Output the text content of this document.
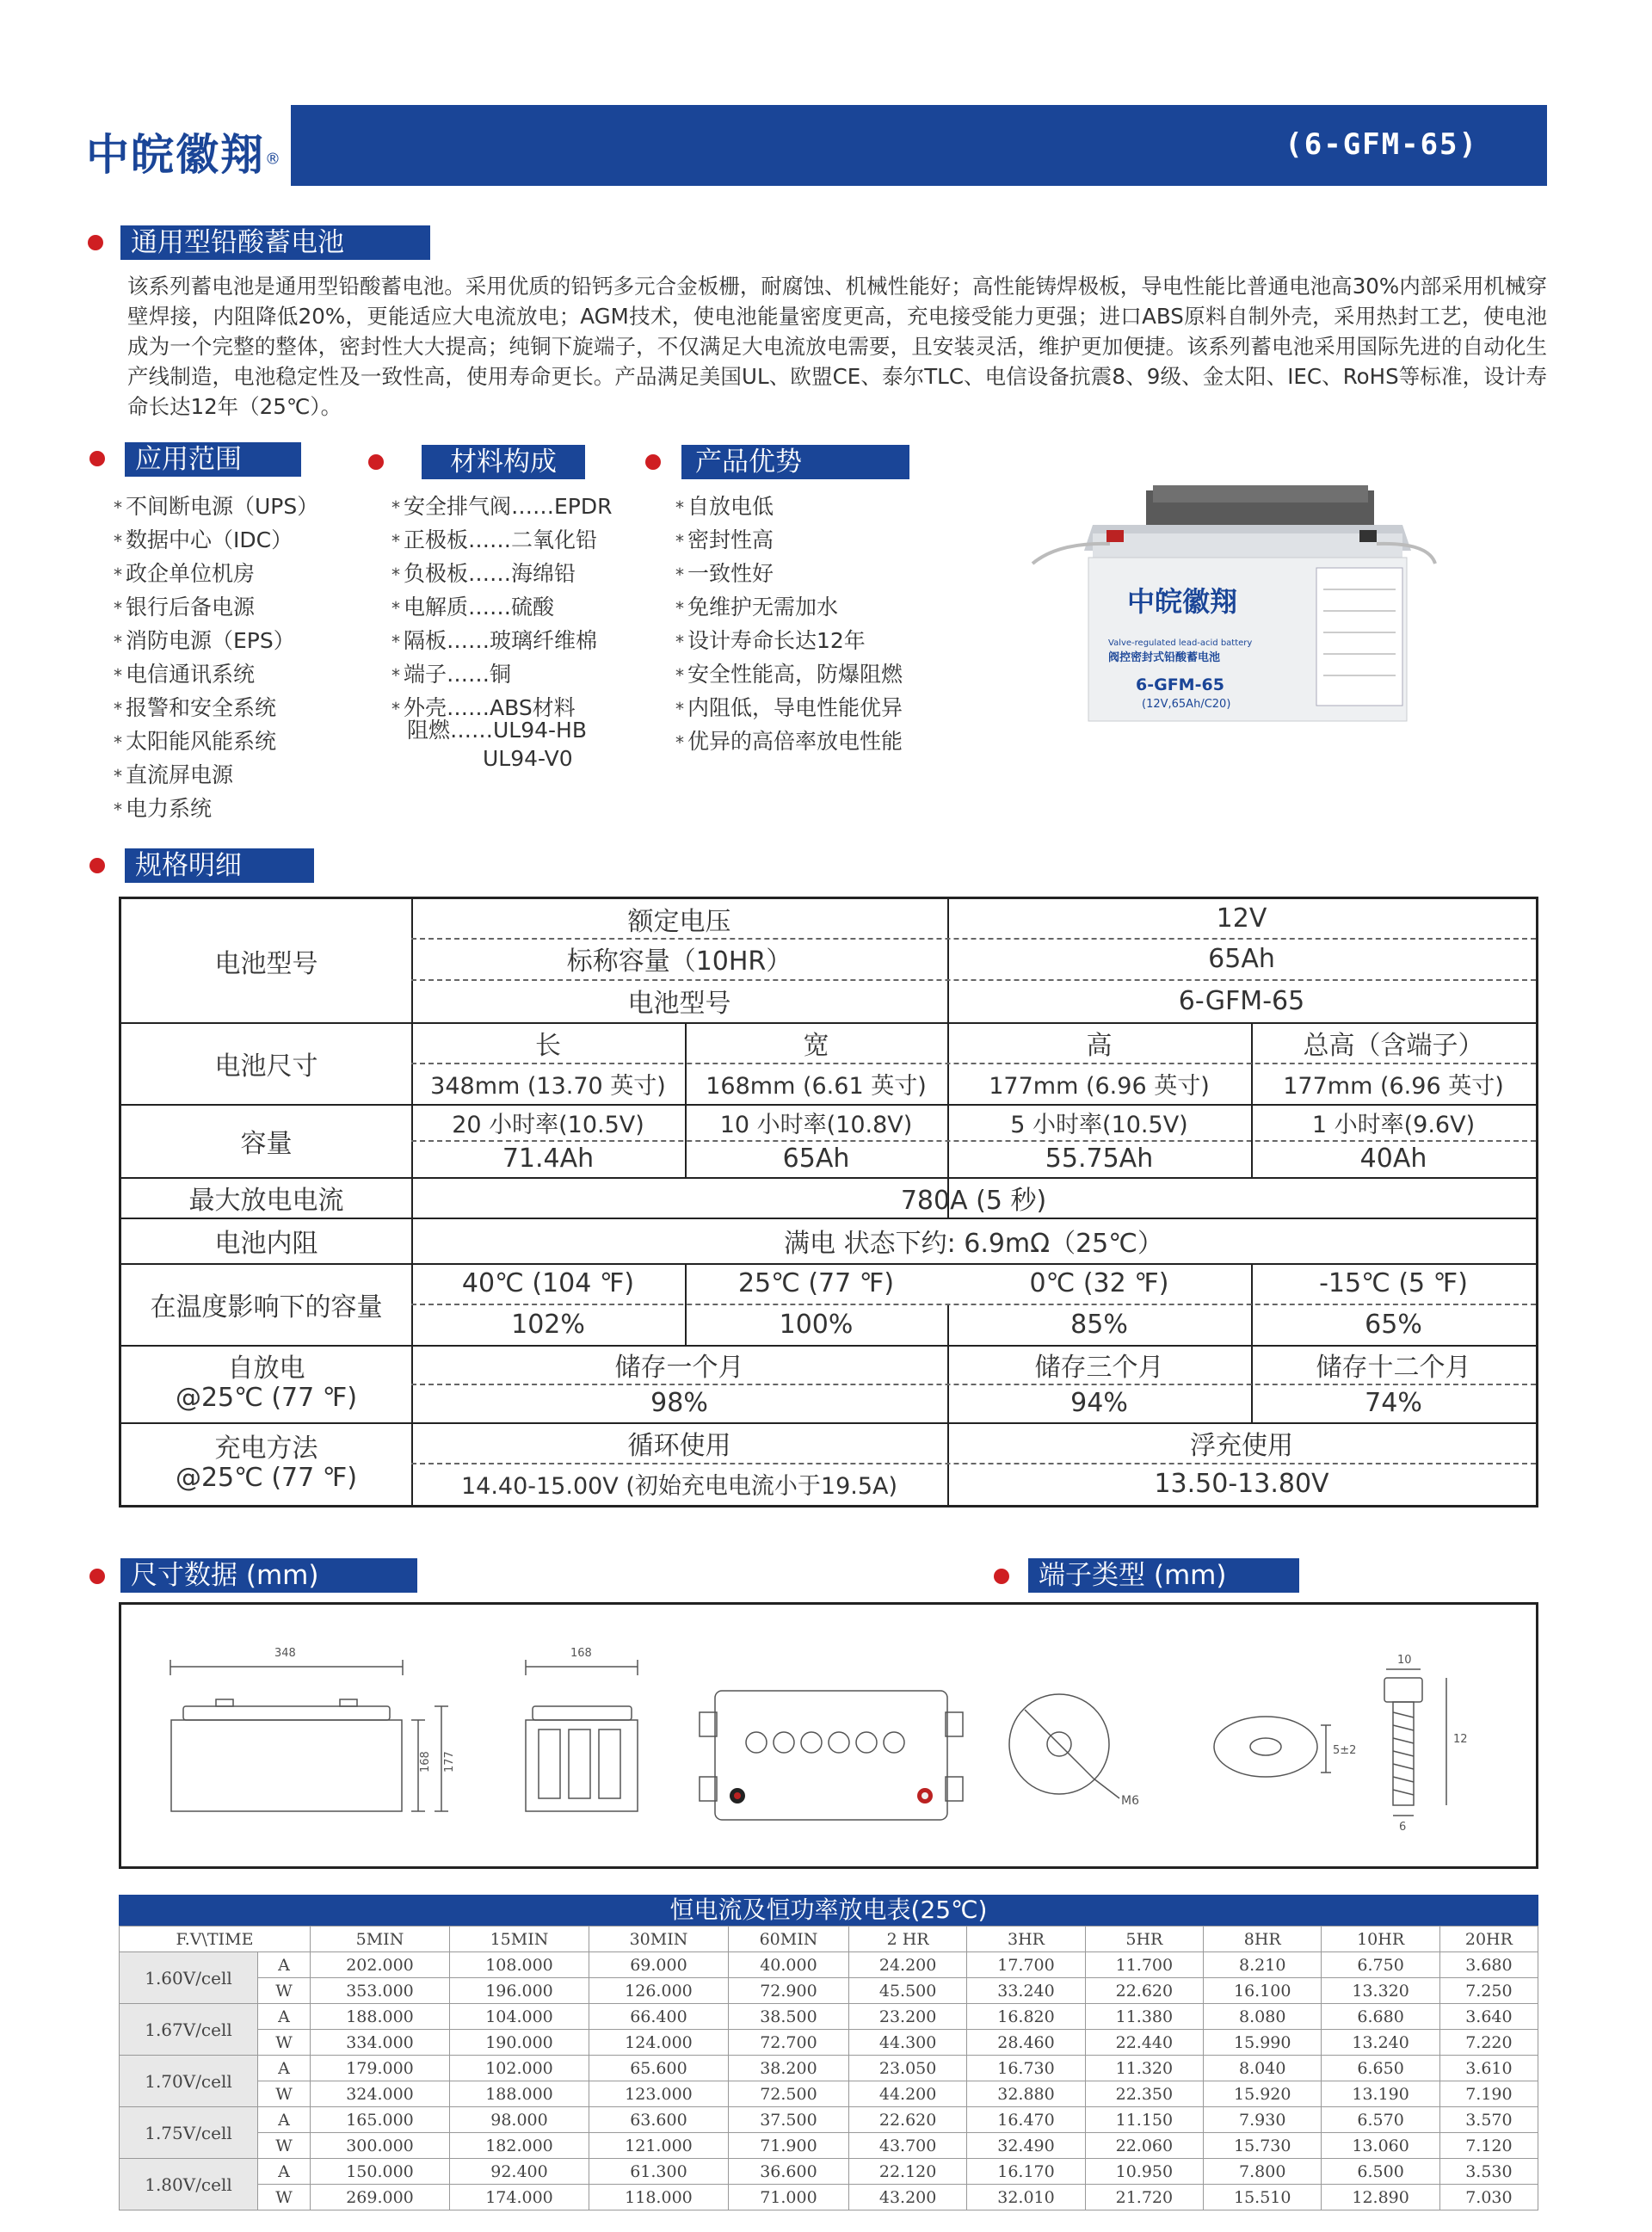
中皖徽翔®	(6-GFM-65)
通用型铅酸蓄电池
该系列蓄电池是通用型铅酸蓄电池。采用优质的铅钙多元合金板栅，耐腐蚀、机械性能好；高性能铸焊极板，导电性能比普通电池高30%内部采用机械穿壁焊接，内阻降低20%，更能适应大电流放电；AGM技术，使电池能量密度更高，充电接受能力更强；进口ABS原料自制外壳，采用热封工艺，使电池成为一个完整的整体，密封性大大提高；纯铜下旋端子，不仅满足大电流放电需要，且安装灵活，维护更加便捷。该系列蓄电池采用国际先进的自动化生产线制造，电池稳定性及一致性高，使用寿命更长。产品满足美国UL、欧盟CE、泰尔TLC、电信设备抗震8、9级、金太阳、IEC、RoHS等标准，设计寿命长达12年（25℃）。
应用范围	材料构成	产品优势
* 不间断电源（UPS）
* 数据中心（IDC）
* 政企单位机房
* 银行后备电源
* 消防电源（EPS）
* 电信通讯系统
* 报警和安全系统
* 太阳能风能系统
* 直流屏电源
* 电力系统
* 安全排气阀……EPDR
* 正极板……二氧化铅
* 负极板……海绵铅
* 电解质……硫酸
* 隔板……玻璃纤维棉
* 端子……铜
* 外壳……ABS材料
阻燃……UL94-HB
UL94-V0
* 自放电低
* 密封性高
* 一致性好
* 免维护无需加水
* 设计寿命长达12年
* 安全性能高，防爆阻燃
* 内阻低，导电性能优异
* 优异的高倍率放电性能
中皖徽翔
Valve-regulated lead-acid battery
阀控密封式铅酸蓄电池
6-GFM-65
(12V,65Ah/C20)
规格明细
电池型号
额定电压	12V
标称容量（10HR）	65Ah
电池型号	6-GFM-65
电池尺寸
长	宽	高	总高（含端子）
348mm (13.70 英寸)	168mm (6.61 英寸)	177mm (6.96 英寸)	177mm (6.96 英寸)
容量
20 小时率(10.5V)	10 小时率(10.8V)	5 小时率(10.5V)	1 小时率(9.6V)
71.4Ah	65Ah	55.75Ah	40Ah
最大放电电流	780A (5 秒)
电池内阻	满电 状态下约: 6.9mΩ（25℃）
在温度影响下的容量
40℃ (104 ℉)	25℃ (77 ℉)	0℃ (32 ℉)	-15℃ (5 ℉)
102%	100%	85%	65%
自放电
@25℃ (77 ℉)
储存一个月	储存三个月	储存十二个月
98%	94%	74%
充电方法
@25℃ (77 ℉)
循环使用	浮充使用
14.40-15.00V (初始充电电流小于19.5A)	13.50-13.80V
尺寸数据 (mm)	端子类型 (mm)
348	168
168 177
M6
5±2
10
12
6
恒电流及恒功率放电表(25℃)
F.V\TIME		5MIN	15MIN	30MIN	60MIN	2 HR	3HR	5HR	8HR	10HR	20HR
1.60V/cell	A	202.000	108.000	69.000	40.000	24.200	17.700	11.700	8.210	6.750	3.680
	W	353.000	196.000	126.000	72.900	45.500	33.240	22.620	16.100	13.320	7.250
1.67V/cell	A	188.000	104.000	66.400	38.500	23.200	16.820	11.380	8.080	6.680	3.640
	W	334.000	190.000	124.000	72.700	44.300	28.460	22.440	15.990	13.240	7.220
1.70V/cell	A	179.000	102.000	65.600	38.200	23.050	16.730	11.320	8.040	6.650	3.610
	W	324.000	188.000	123.000	72.500	44.200	32.880	22.350	15.920	13.190	7.190
1.75V/cell	A	165.000	98.000	63.600	37.500	22.620	16.470	11.150	7.930	6.570	3.570
	W	300.000	182.000	121.000	71.900	43.700	32.490	22.060	15.730	13.060	7.120
1.80V/cell	A	150.000	92.400	61.300	36.600	22.120	16.170	10.950	7.800	6.500	3.530
	W	269.000	174.000	118.000	71.000	43.200	32.010	21.720	15.510	12.890	7.030
